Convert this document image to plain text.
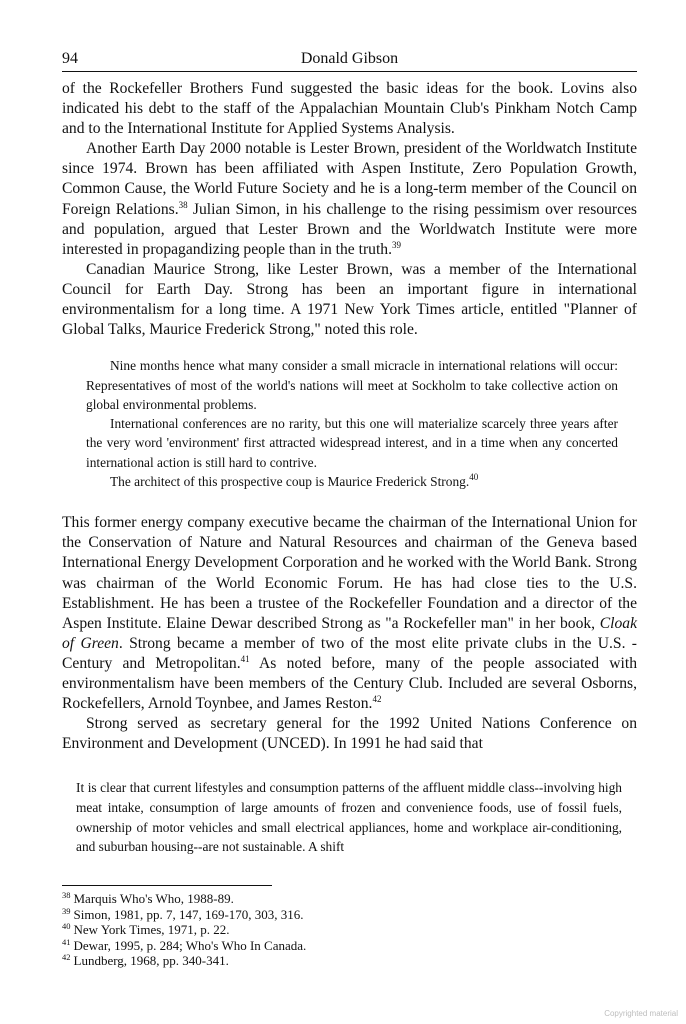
94	Donald Gibson

of the Rockefeller Brothers Fund suggested the basic ideas for the book. Lovins also indicated his debt to the staff of the Appalachian Mountain Club's Pinkham Notch Camp and to the International Institute for Applied Systems Analysis.

Another Earth Day 2000 notable is Lester Brown, president of the Worldwatch Institute since 1974. Brown has been affiliated with Aspen Institute, Zero Population Growth, Common Cause, the World Future Society and he is a long-term member of the Council on Foreign Relations.$^{38}$ Julian Simon, in his challenge to the rising pessimism over resources and population, argued that Lester Brown and the Worldwatch Institute were more interested in propagandizing people than in the truth.$^{39}$

Canadian Maurice Strong, like Lester Brown, was a member of the International Council for Earth Day. Strong has been an important figure in international environmentalism for a long time. A 1971 New York Times article, entitled "Planner of Global Talks, Maurice Frederick Strong," noted this role.

Nine months hence what many consider a small micracle in international relations will occur: Representatives of most of the world's nations will meet at Sockholm to take collective action on global environmental problems.

International conferences are no rarity, but this one will materialize scarcely three years after the very word 'environment' first attracted widespread interest, and in a time when any concerted international action is still hard to contrive.

The architect of this prospective coup is Maurice Frederick Strong.$^{40}$

This former energy company executive became the chairman of the International Union for the Conservation of Nature and Natural Resources and chairman of the Geneva based International Energy Development Corporation and he worked with the World Bank. Strong was chairman of the World Economic Forum. He has had close ties to the U.S. Establishment. He has been a trustee of the Rockefeller Foundation and a director of the Aspen Institute. Elaine Dewar described Strong as "a Rockefeller man" in her book, Cloak of Green. Strong became a member of two of the most elite private clubs in the U.S. - Century and Metropolitan.$^{41}$ As noted before, many of the people associated with environmentalism have been members of the Century Club. Included are several Osborns, Rockefellers, Arnold Toynbee, and James Reston.$^{42}$

Strong served as secretary general for the 1992 United Nations Conference on Environment and Development (UNCED). In 1991 he had said that

It is clear that current lifestyles and consumption patterns of the affluent middle class--involving high meat intake, consumption of large amounts of frozen and convenience foods, use of fossil fuels, ownership of motor vehicles and small electrical appliances, home and workplace air-conditioning, and suburban housing--are not sustainable. A shift
$^{38}$ Marquis Who's Who, 1988-89.
$^{39}$ Simon, 1981, pp. 7, 147, 169-170, 303, 316.
$^{40}$ New York Times, 1971, p. 22.
$^{41}$ Dewar, 1995, p. 284; Who's Who In Canada.
$^{42}$ Lundberg, 1968, pp. 340-341.
Copyrighted material
